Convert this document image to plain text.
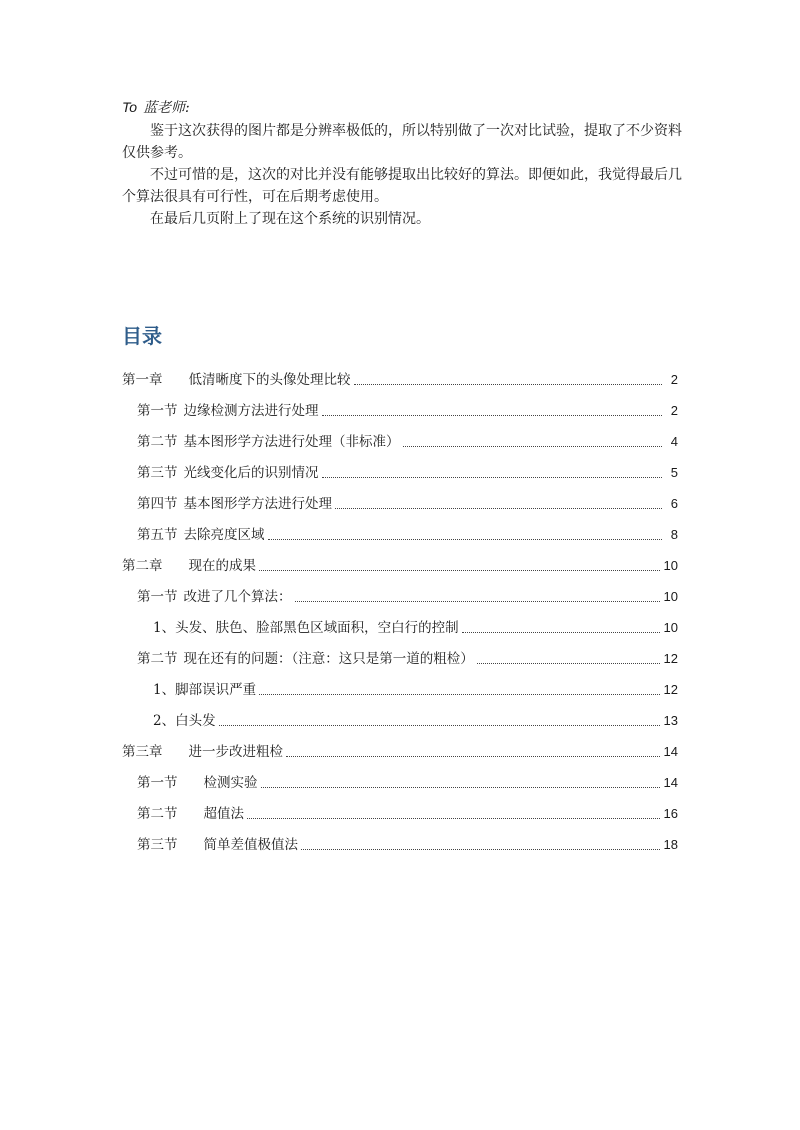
To 蓝老师:

鉴于这次获得的图片都是分辨率极低的，所以特别做了一次对比试验，提取了不少资料仅供参考。

不过可惜的是，这次的对比并没有能够提取出比较好的算法。即便如此，我觉得最后几个算法很具有可行性，可在后期考虑使用。

在最后几页附上了现在这个系统的识别情况。

目录
第一章 低清晰度下的头像处理比较	2
第一节 边缘检测方法进行处理	2
第二节 基本图形学方法进行处理（非标准）	4
第三节 光线变化后的识别情况	5
第四节 基本图形学方法进行处理	6
第五节 去除亮度区域	8
第二章 现在的成果	10
第一节 改进了几个算法：	10
1、头发、肤色、脸部黑色区域面积，空白行的控制	10
第二节 现在还有的问题：（注意：这只是第一道的粗检）	12
1、脚部误识严重	12
2、白头发	13
第三章 进一步改进粗检	14
第一节 检测实验	14
第二节 超值法	16
第三节 简单差值极值法	18
